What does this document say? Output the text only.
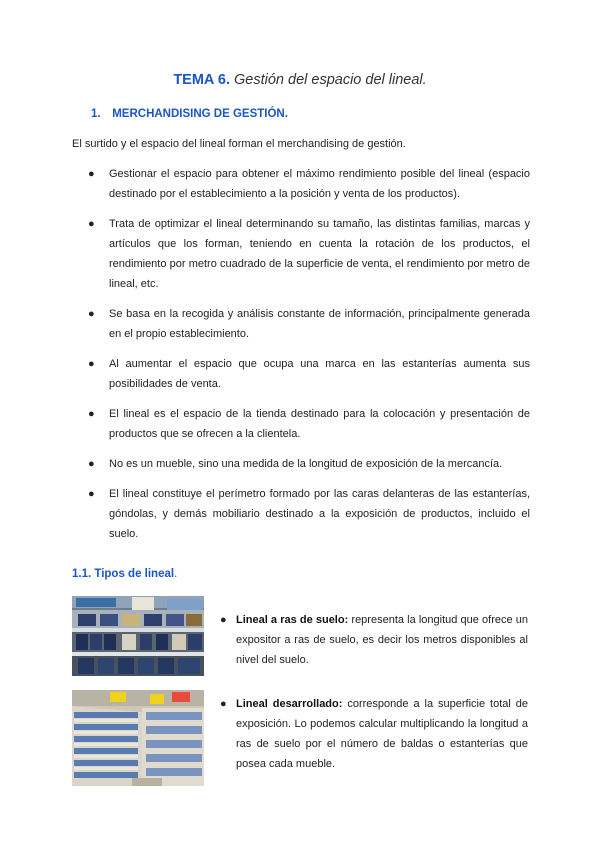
TEMA 6. Gestión del espacio del lineal.
1. MERCHANDISING DE GESTIÓN.
El surtido y el espacio del lineal forman el merchandising de gestión.
● Gestionar el espacio para obtener el máximo rendimiento posible del lineal (espacio destinado por el establecimiento a la posición y venta de los productos).
● Trata de optimizar el lineal determinando su tamaño, las distintas familias, marcas y artículos que los forman, teniendo en cuenta la rotación de los productos, el rendimiento por metro cuadrado de la superficie de venta, el rendimiento por metro de lineal, etc.
● Se basa en la recogida y análisis constante de información, principalmente generada en el propio establecimiento.
● Al aumentar el espacio que ocupa una marca en las estanterías aumenta sus posibilidades de venta.
● El lineal es el espacio de la tienda destinado para la colocación y presentación de productos que se ofrecen a la clientela.
● No es un mueble, sino una medida de la longitud de exposición de la mercancía.
● El lineal constituye el perímetro formado por las caras delanteras de las estanterías, góndolas, y demás mobiliario destinado a la exposición de productos, incluido el suelo.
1.1. Tipos de lineal.
● Lineal a ras de suelo: representa la longitud que ofrece un expositor a ras de suelo, es decir los metros disponibles al nivel del suelo.
● Lineal desarrollado: corresponde a la superficie total de exposición. Lo podemos calcular multiplicando la longitud a ras de suelo por el número de baldas o estanterías que posea cada mueble.
